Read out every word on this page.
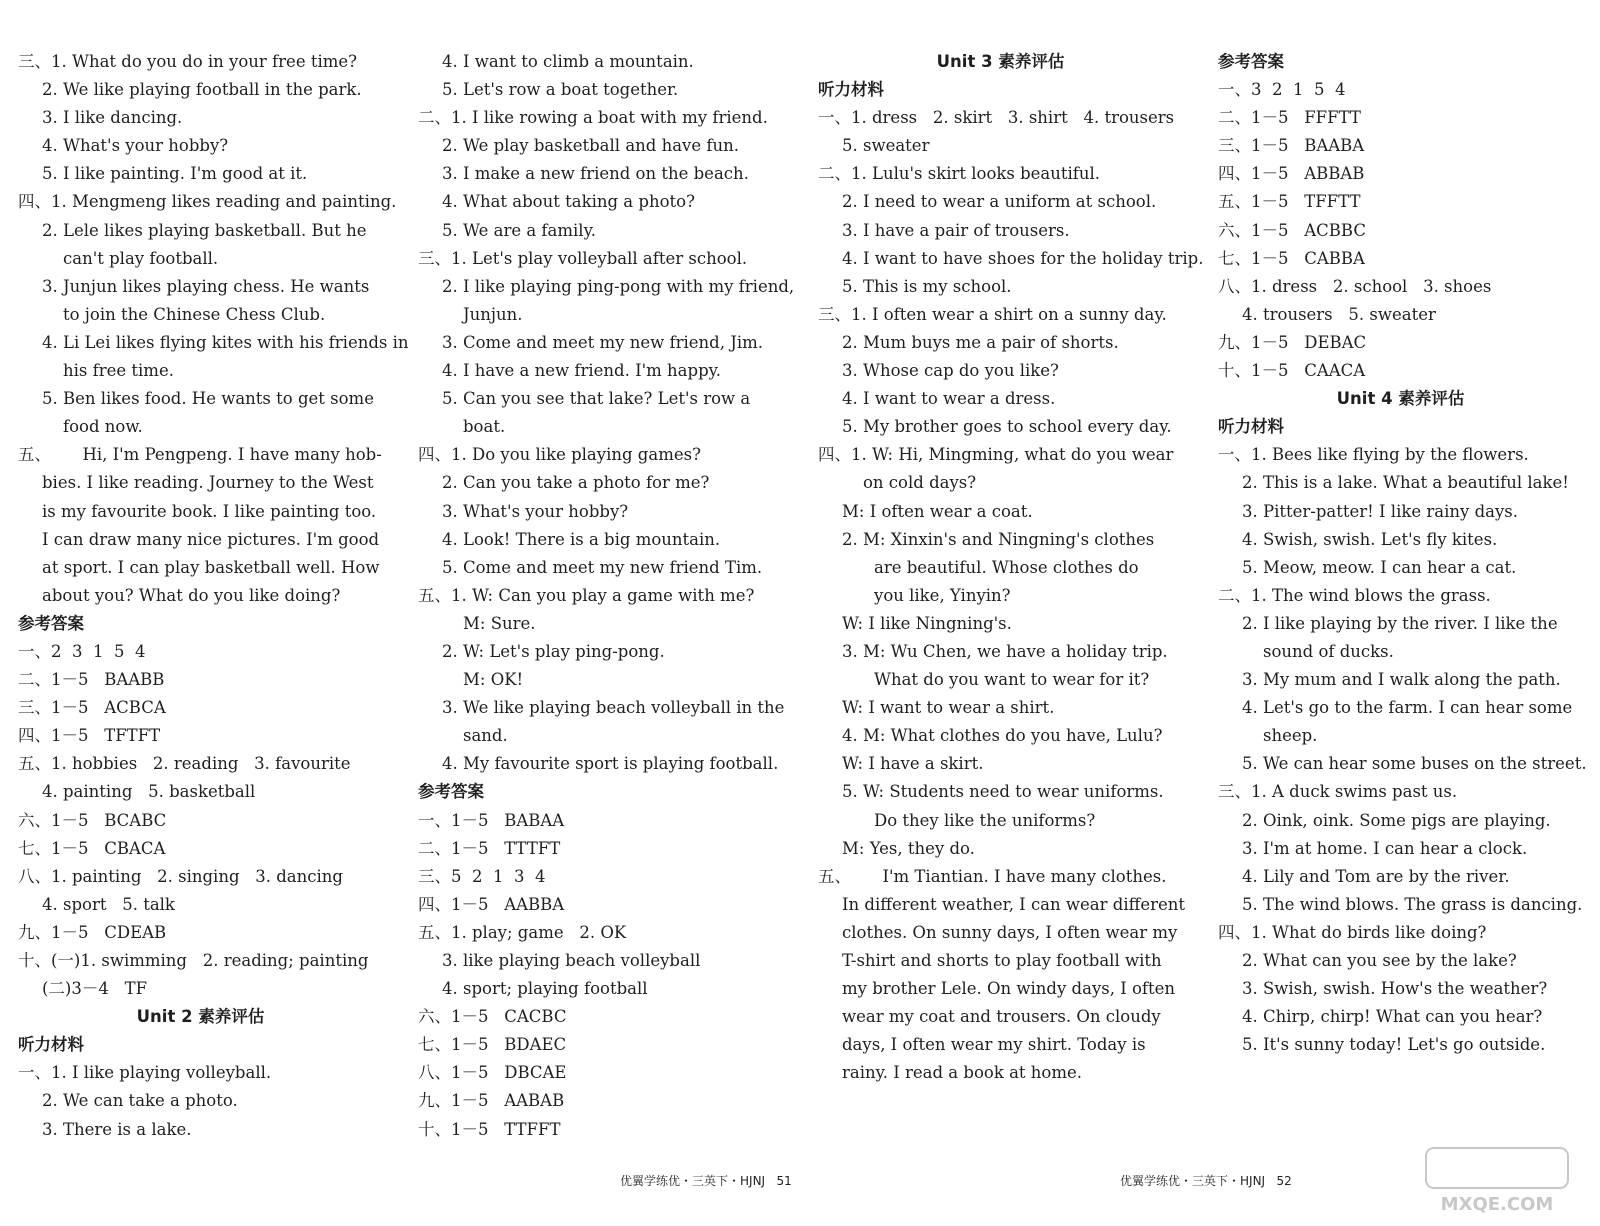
三、1. What do you do in your free time?
2. We like playing football in the park.
3. I like dancing.
4. What's your hobby?
5. I like painting. I'm good at it.
四、1. Mengmeng likes reading and painting.
2. Lele likes playing basketball. But he
can't play football.
3. Junjun likes playing chess. He wants
to join the Chinese Chess Club.
4. Li Lei likes flying kites with his friends in
his free time.
5. Ben likes food. He wants to get some
food now.
五、      Hi, I'm Pengpeng. I have many hob-
bies. I like reading. Journey to the West
is my favourite book. I like painting too.
I can draw many nice pictures. I'm good
at sport. I can play basketball well. How
about you? What do you like doing?
参考答案
一、2  3  1  5  4
二、1－5   BAABB
三、1－5   ACBCA
四、1－5   TFTFT
五、1. hobbies   2. reading   3. favourite
4. painting   5. basketball
六、1－5   BCABC
七、1－5   CBACA
八、1. painting   2. singing   3. dancing
4. sport   5. talk
九、1－5   CDEAB
十、(一)1. swimming   2. reading; painting
(二)3－4   TF
Unit 2 素养评估
听力材料
一、1. I like playing volleyball.
2. We can take a photo.
3. There is a lake.
4. I want to climb a mountain.
5. Let's row a boat together.
二、1. I like rowing a boat with my friend.
2. We play basketball and have fun.
3. I make a new friend on the beach.
4. What about taking a photo?
5. We are a family.
三、1. Let's play volleyball after school.
2. I like playing ping-pong with my friend,
Junjun.
3. Come and meet my new friend, Jim.
4. I have a new friend. I'm happy.
5. Can you see that lake? Let's row a
boat.
四、1. Do you like playing games?
2. Can you take a photo for me?
3. What's your hobby?
4. Look! There is a big mountain.
5. Come and meet my new friend Tim.
五、1. W: Can you play a game with me?
M: Sure.
2. W: Let's play ping-pong.
M: OK!
3. We like playing beach volleyball in the
sand.
4. My favourite sport is playing football.
参考答案
一、1－5   BABAA
二、1－5   TTTFT
三、5  2  1  3  4
四、1－5   AABBA
五、1. play; game   2. OK
3. like playing beach volleyball
4. sport; playing football
六、1－5   CACBC
七、1－5   BDAEC
八、1－5   DBCAE
九、1－5   AABAB
十、1－5   TTFFT
Unit 3 素养评估
听力材料
一、1. dress   2. skirt   3. shirt   4. trousers
5. sweater
二、1. Lulu's skirt looks beautiful.
2. I need to wear a uniform at school.
3. I have a pair of trousers.
4. I want to have shoes for the holiday trip.
5. This is my school.
三、1. I often wear a shirt on a sunny day.
2. Mum buys me a pair of shorts.
3. Whose cap do you like?
4. I want to wear a dress.
5. My brother goes to school every day.
四、1. W: Hi, Mingming, what do you wear
on cold days?
M: I often wear a coat.
2. M: Xinxin's and Ningning's clothes
are beautiful. Whose clothes do
you like, Yinyin?
W: I like Ningning's.
3. M: Wu Chen, we have a holiday trip.
What do you want to wear for it?
W: I want to wear a shirt.
4. M: What clothes do you have, Lulu?
W: I have a skirt.
5. W: Students need to wear uniforms.
Do they like the uniforms?
M: Yes, they do.
五、      I'm Tiantian. I have many clothes.
In different weather, I can wear different
clothes. On sunny days, I often wear my
T-shirt and shorts to play football with
my brother Lele. On windy days, I often
wear my coat and trousers. On cloudy
days, I often wear my shirt. Today is
rainy. I read a book at home.
参考答案
一、3  2  1  5  4
二、1－5   FFFTT
三、1－5   BAABA
四、1－5   ABBAB
五、1－5   TFFTT
六、1－5   ACBBC
七、1－5   CABBA
八、1. dress   2. school   3. shoes
4. trousers   5. sweater
九、1－5   DEBAC
十、1－5   CAACA
Unit 4 素养评估
听力材料
一、1. Bees like flying by the flowers.
2. This is a lake. What a beautiful lake!
3. Pitter-patter! I like rainy days.
4. Swish, swish. Let's fly kites.
5. Meow, meow. I can hear a cat.
二、1. The wind blows the grass.
2. I like playing by the river. I like the
sound of ducks.
3. My mum and I walk along the path.
4. Let's go to the farm. I can hear some
sheep.
5. We can hear some buses on the street.
三、1. A duck swims past us.
2. Oink, oink. Some pigs are playing.
3. I'm at home. I can hear a clock.
4. Lily and Tom are by the river.
5. The wind blows. The grass is dancing.
四、1. What do birds like doing?
2. What can you see by the lake?
3. Swish, swish. How's the weather?
4. Chirp, chirp! What can you hear?
5. It's sunny today! Let's go outside.
优翼学练优・三英下・HJNJ   51	优翼学练优・三英下・HJNJ   52
MXQE.COM
